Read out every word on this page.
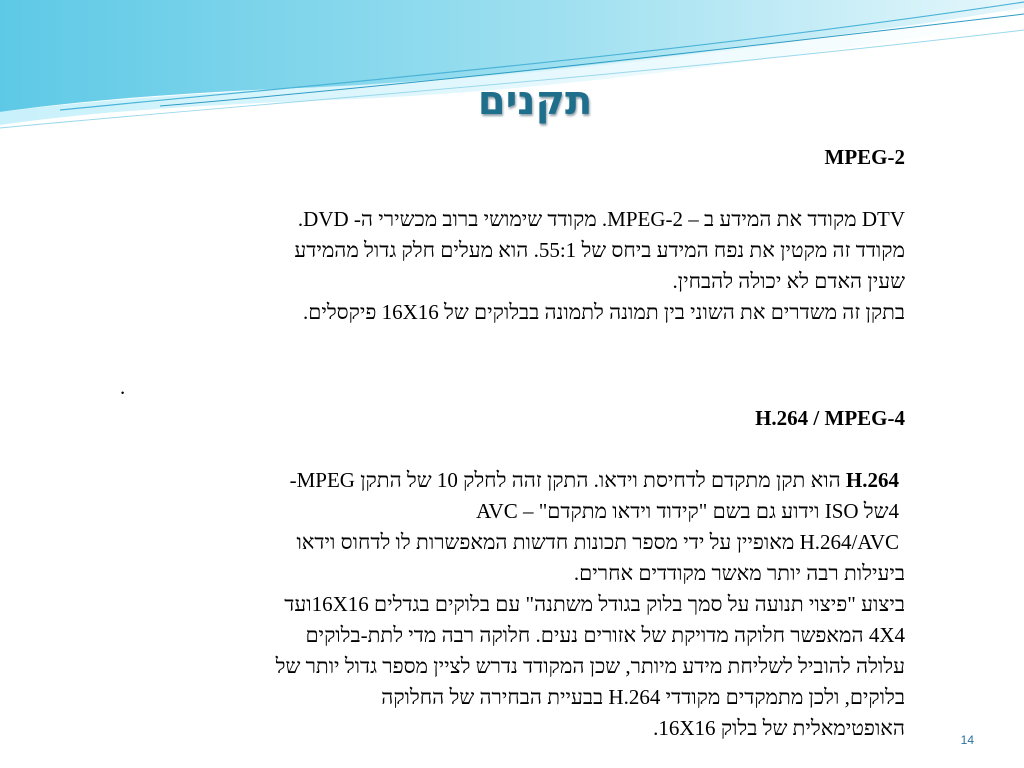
תקנים

MPEG-2

DTV מקודד את המידע ב – MPEG-2. מקודד שימושי ברוב מכשירי ה- DVD.

מקודד זה מקטין את נפח המידע ביחס של 55:1. הוא מעלים חלק גדול מהמידע

שעין האדם לא יכולה להבחין.

בתקן זה משדרים את השוני בין תמונה לתמונה בבלוקים של 16X16 פיקסלים.

.

H.264 / MPEG-4

H.264 הוא תקן מתקדם לדחיסת וידאו. התקן זהה לחלק 10 של התקן MPEG-

4של ISO וידוע גם בשם "קידוד וידאו מתקדם" – AVC

H.264/AVC מאופיין על ידי מספר תכונות חדשות המאפשרות לו לדחוס וידאו

ביעילות רבה יותר מאשר מקודדים אחרים.

ביצוע "פיצוי תנועה על סמך בלוק בגודל משתנה" עם בלוקים בגדלים 16X16ועד

4X4 המאפשר חלוקה מדויקת של אזורים נעים. חלוקה רבה מדי לתת-בלוקים

עלולה להוביל לשליחת מידע מיותר, שכן המקודד נדרש לציין מספר גדול יותר של

בלוקים, ולכן מתמקדים מקודדי H.264 בבעיית הבחירה של החלוקה

האופטימאלית של בלוק 16X16.	14
